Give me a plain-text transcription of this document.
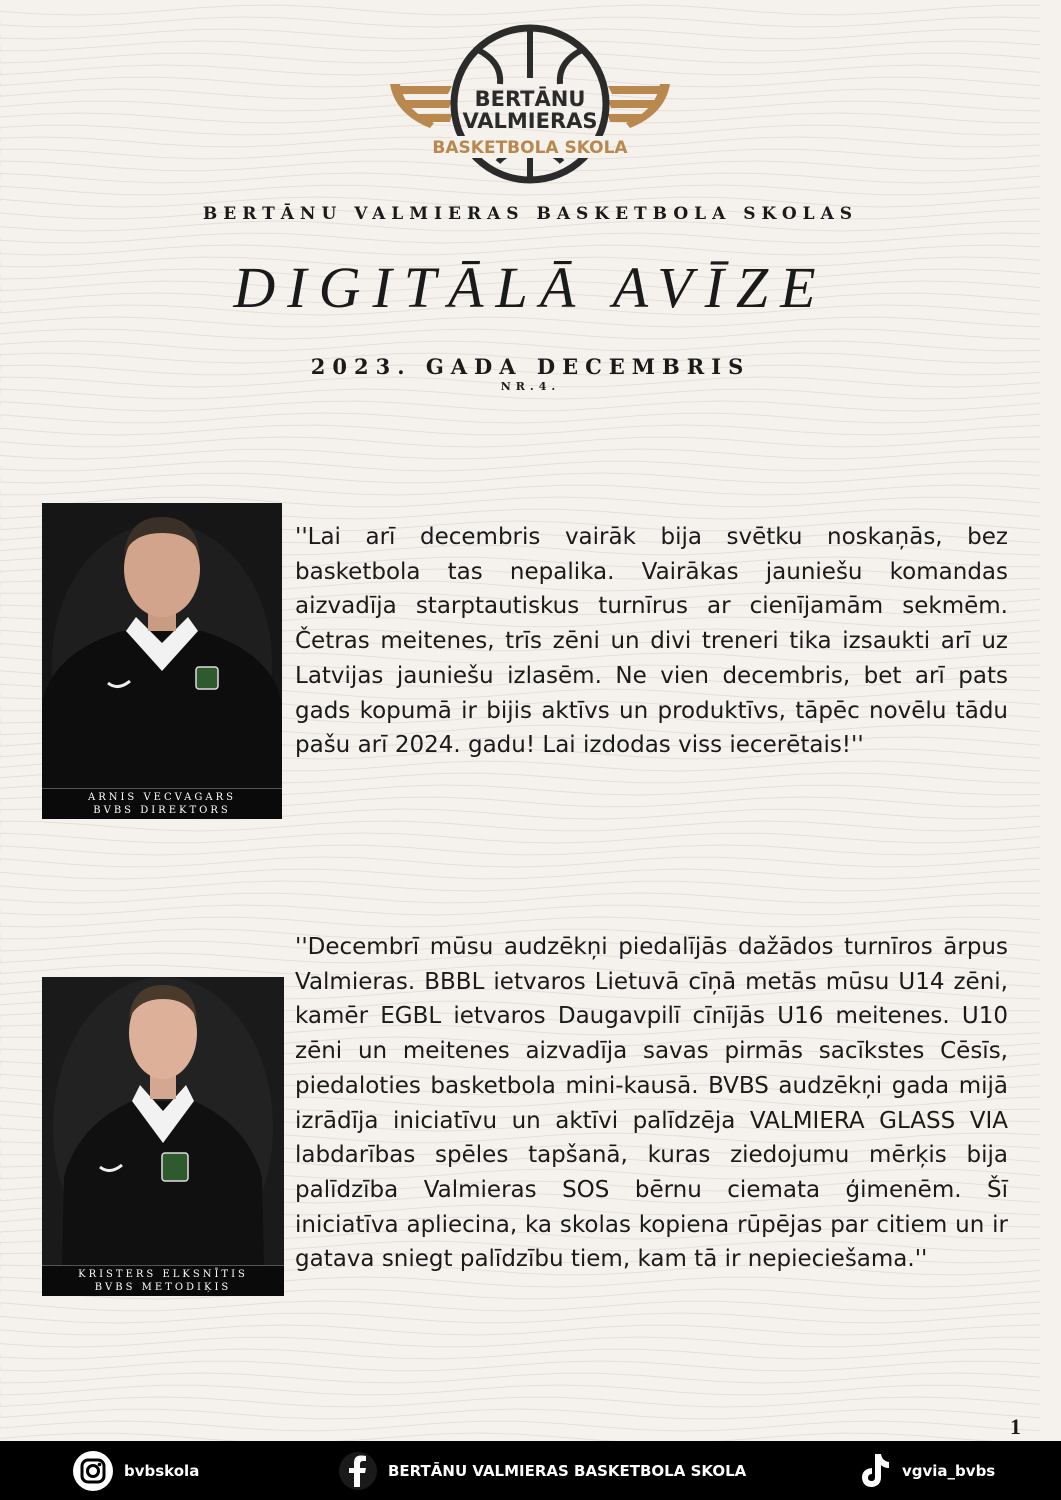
BERTĀNU
VALMIERAS
BASKETBOLA SKOLA
BERTĀNU VALMIERAS BASKETBOLA SKOLAS
DIGITĀLĀ AVĪZE
2023. GADA DECEMBRIS
NR.4.
ARNIS VECVAGARS
BVBS DIREKTORS
''Lai arī decembris vairāk bija svētku noskaņās, bez basketbola tas nepalika. Vairākas jauniešu komandas aizvadīja starptautiskus turnīrus ar cienījamām sekmēm. Četras meitenes, trīs zēni un divi treneri tika izsaukti arī uz Latvijas jauniešu izlasēm. Ne vien decembris, bet arī pats gads kopumā ir bijis aktīvs un produktīvs, tāpēc novēlu tādu pašu arī 2024. gadu! Lai izdodas viss iecerētais!''
KRISTERS ELKSNĪTIS
BVBS METODIĶIS
''Decembrī mūsu audzēkņi piedalījās dažādos turnīros ārpus Valmieras. BBBL ietvaros Lietuvā cīņā metās mūsu U14 zēni, kamēr EGBL ietvaros Daugavpilī cīnījās U16 meitenes. U10 zēni un meitenes aizvadīja savas pirmās sacīkstes Cēsīs, piedaloties basketbola mini-kausā. BVBS audzēkņi gada mijā izrādīja iniciatīvu un aktīvi palīdzēja VALMIERA GLASS VIA labdarības spēles tapšanā, kuras ziedojumu mērķis bija palīdzība Valmieras SOS bērnu ciemata ģimenēm. Šī iniciatīva apliecina, ka skolas kopiena rūpējas par citiem un ir gatava sniegt palīdzību tiem, kam tā ir nepieciešama.''
1
bvbskola	BERTĀNU VALMIERAS BASKETBOLA SKOLA	vgvia_bvbs
